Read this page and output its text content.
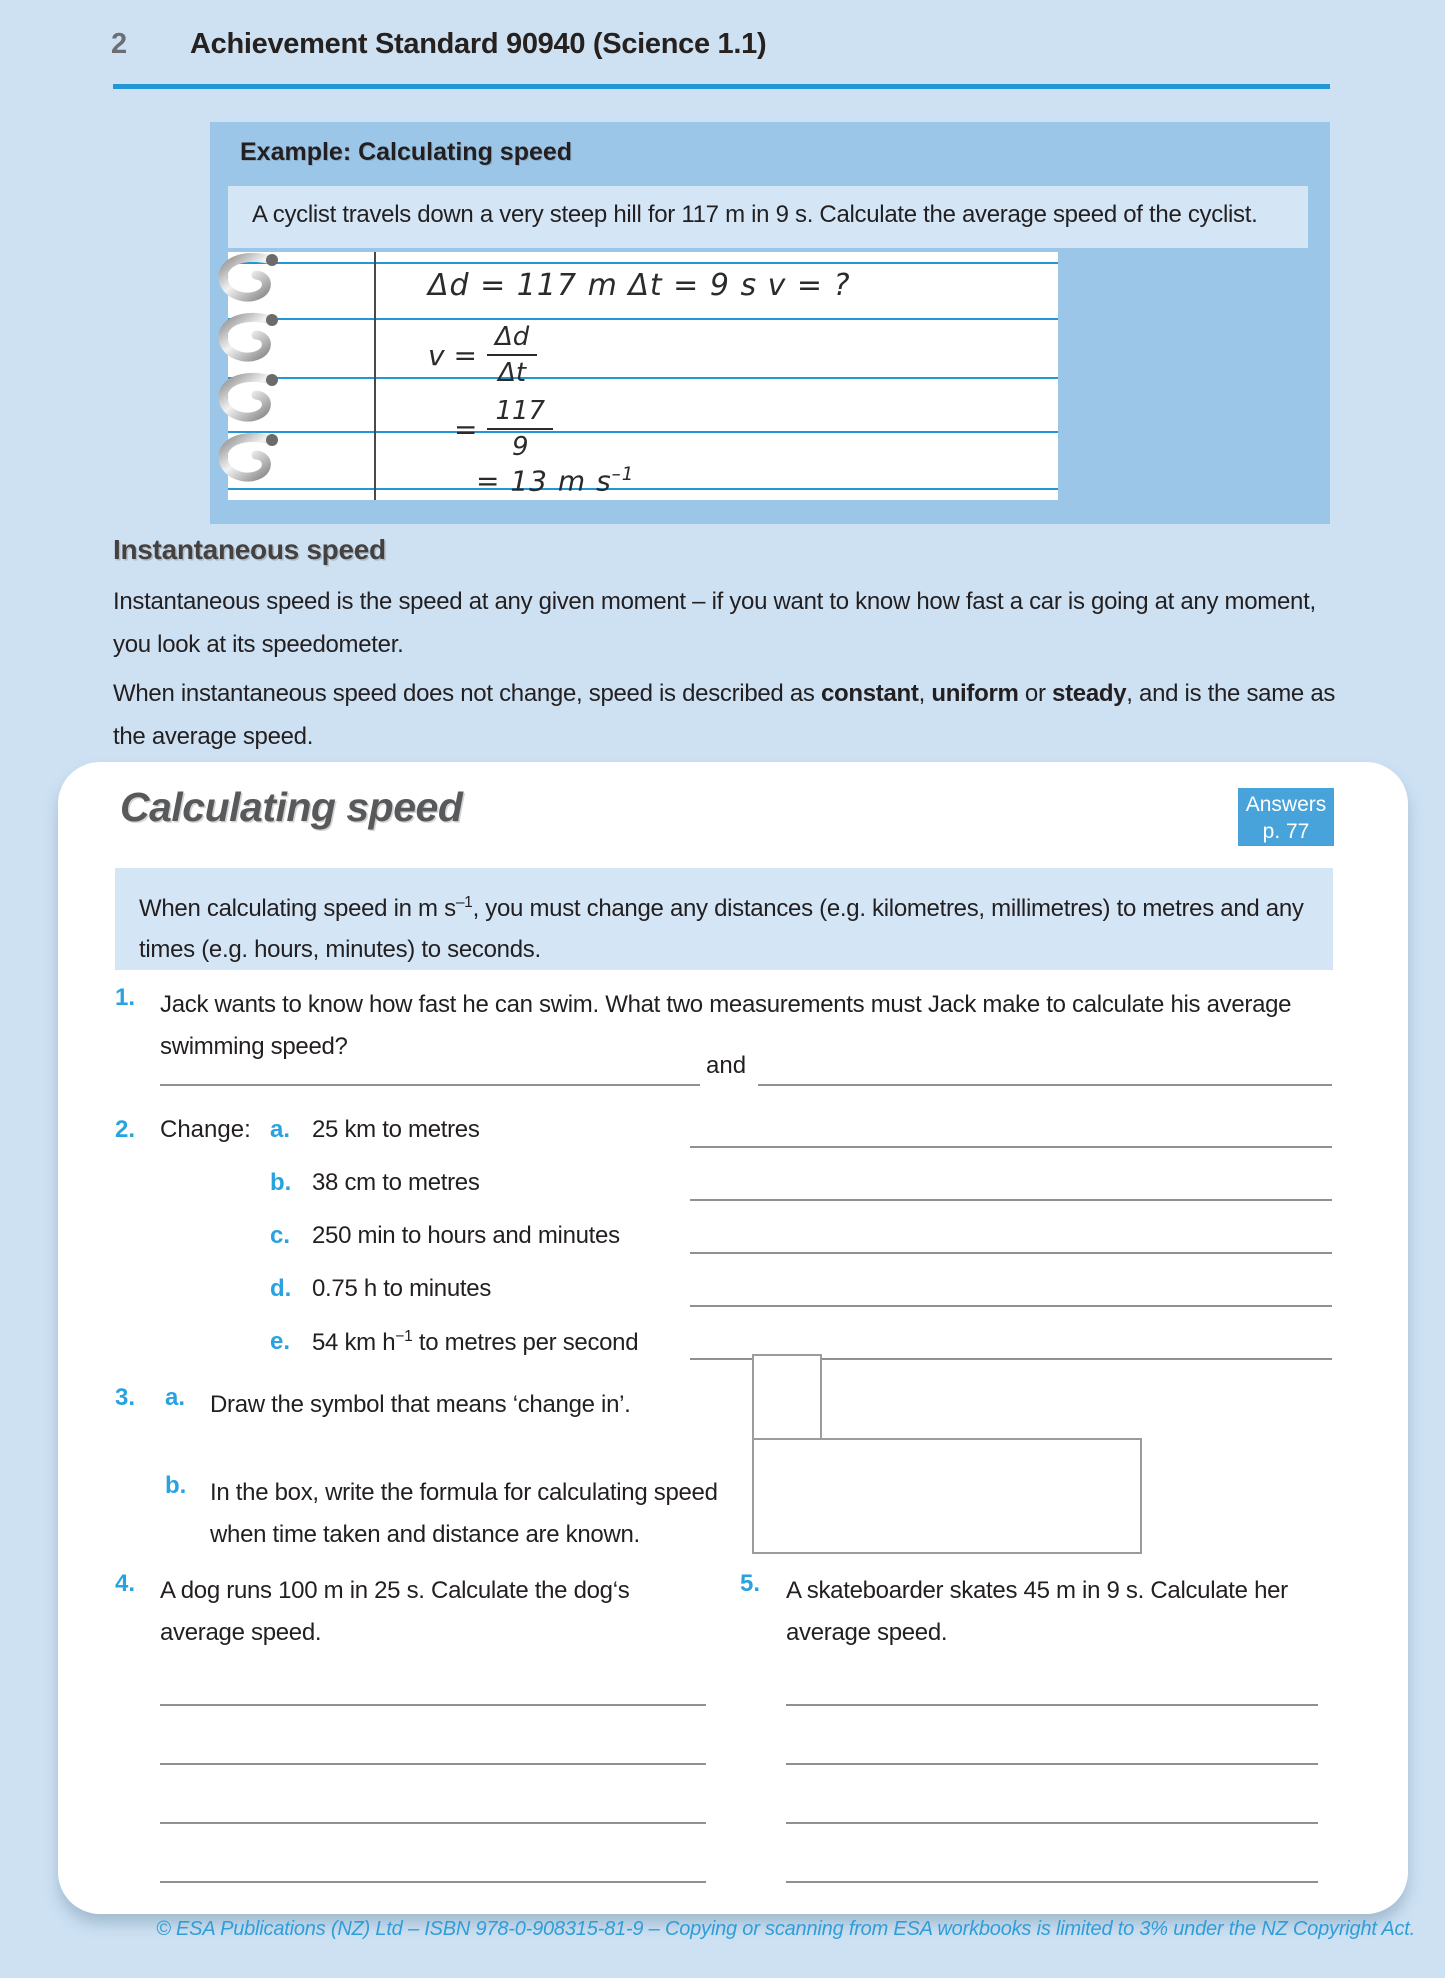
2 Achievement Standard 90940 (Science 1.1)
Example: Calculating speed
A cyclist travels down a very steep hill for 117 m in 9 s. Calculate the average speed of the cyclist.
Δd = 117 m Δt = 9 s v = ?
$v = \frac{\Delta d}{\Delta t}$
= $\frac{117}{9}$
= 13 m $s^{-1}$
Instantaneous speed
Instantaneous speed is the speed at any given moment – if you want to know how fast a car is going at any moment, you look at its speedometer.
When instantaneous speed does not change, speed is described as constant, uniform or steady, and is the same as the average speed.
Calculating speed	Answers
p. 77
When calculating speed in m $s^{-1}$, you must change any distances (e.g. kilometres, millimetres) to metres and any times (e.g. hours, minutes) to seconds.
1. Jack wants to know how fast he can swim. What two measurements must Jack make to calculate his average swimming speed?
and
2. Change: a. 25 km to metres
b. 38 cm to metres
c. 250 min to hours and minutes
d. 0.75 h to minutes
e. 54 km $h^{-1}$ to metres per second
3. a. Draw the symbol that means ‘change in’.
b. In the box, write the formula for calculating speed when time taken and distance are known.
4. A dog runs 100 m in 25 s. Calculate the dog‘s average speed.
5. A skateboarder skates 45 m in 9 s. Calculate her average speed.
© ESA Publications (NZ) Ltd – ISBN 978-0-908315-81-9 – Copying or scanning from ESA workbooks is limited to 3% under the NZ Copyright Act.
